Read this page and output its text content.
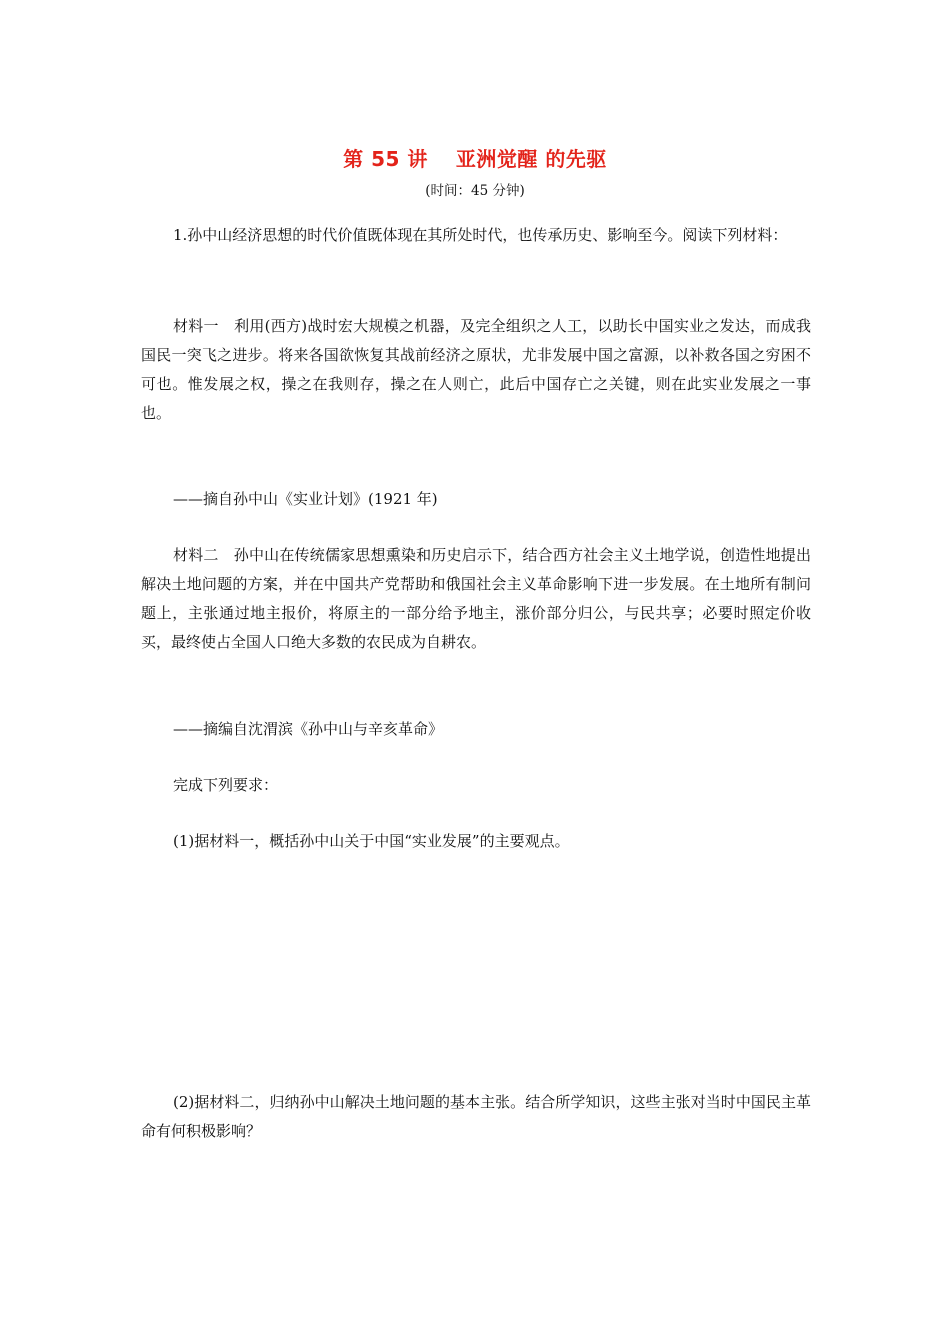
第 55 讲　 亚洲觉醒 的先驱
(时间：45 分钟)
1.孙中山经济思想的时代价值既体现在其所处时代，也传承历史、影响至今。阅读下列材料：
材料一　利用(西方)战时宏大规模之机器，及完全组织之人工，以助长中国实业之发达，而成我国民一突飞之进步。将来各国欲恢复其战前经济之原状，尤非发展中国之富源，以补救各国之穷困不可也。惟发展之权，操之在我则存，操之在人则亡，此后中国存亡之关键，则在此实业发展之一事也。
——摘自孙中山《实业计划》(1921 年)
材料二　孙中山在传统儒家思想熏染和历史启示下，结合西方社会主义土地学说，创造性地提出解决土地问题的方案，并在中国共产党帮助和俄国社会主义革命影响下进一步发展。在土地所有制问题上，主张通过地主报价，将原主的一部分给予地主，涨价部分归公，与民共享；必要时照定价收买，最终使占全国人口绝大多数的农民成为自耕农。
——摘编自沈渭滨《孙中山与辛亥革命》
完成下列要求：
(1)据材料一，概括孙中山关于中国“实业发展”的主要观点。
(2)据材料二，归纳孙中山解决土地问题的基本主张。结合所学知识，这些主张对当时中国民主革命有何积极影响？
